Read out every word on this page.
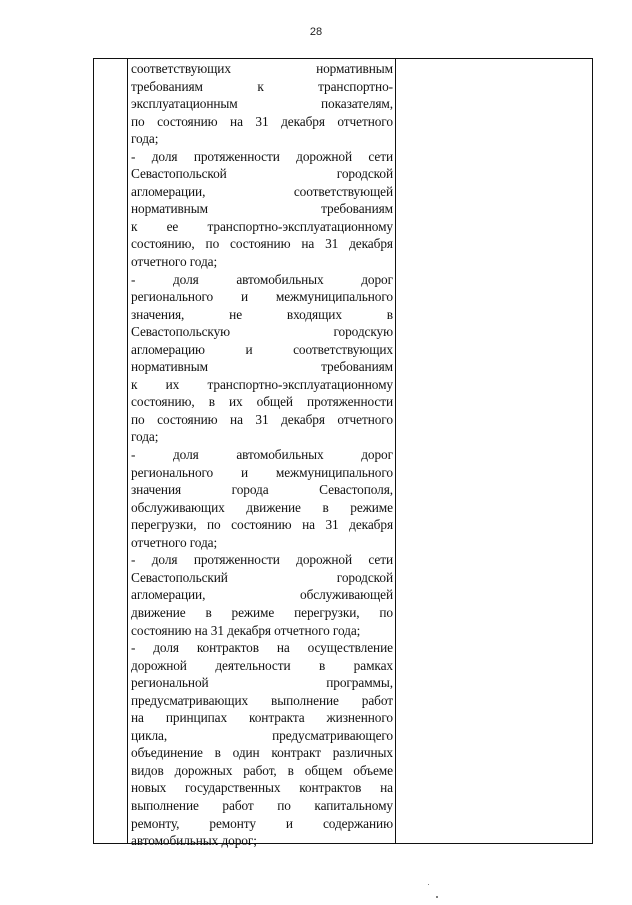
28
соответствующих	нормативным
требованиям	к	транспортно-
эксплуатационным	показателям,
по состоянию на 31 декабря отчетного
года;
- доля протяженности дорожной сети
Севастопольской	городской
агломерации,	соответствующей
нормативным	требованиям
к ее транспортно-эксплуатационному
состоянию, по состоянию на 31 декабря
отчетного года;
-	доля	автомобильных	дорог
регионального и межмуниципального
значения,	не	входящих	в
Севастопольскую	городскую
агломерацию	и	соответствующих
нормативным	требованиям
к их транспортно-эксплуатационному
состоянию, в их общей протяженности
по состоянию на 31 декабря отчетного
года;
-	доля	автомобильных	дорог
регионального и межмуниципального
значения	города	Севастополя,
обслуживающих движение в режиме
перегрузки, по состоянию на 31 декабря
отчетного года;
- доля протяженности дорожной сети
Севастопольский	городской
агломерации,	обслуживающей
движение в режиме перегрузки, по
состоянию на 31 декабря отчетного года;
- доля контрактов на осуществление
дорожной деятельности в рамках
региональной	программы,
предусматривающих выполнение работ
на принципах контракта жизненного
цикла,	предусматривающего
объединение в один контракт различных
видов дорожных работ, в общем объеме
новых государственных контрактов на
выполнение работ по капитальному
ремонту, ремонту и содержанию
автомобильных дорог;
